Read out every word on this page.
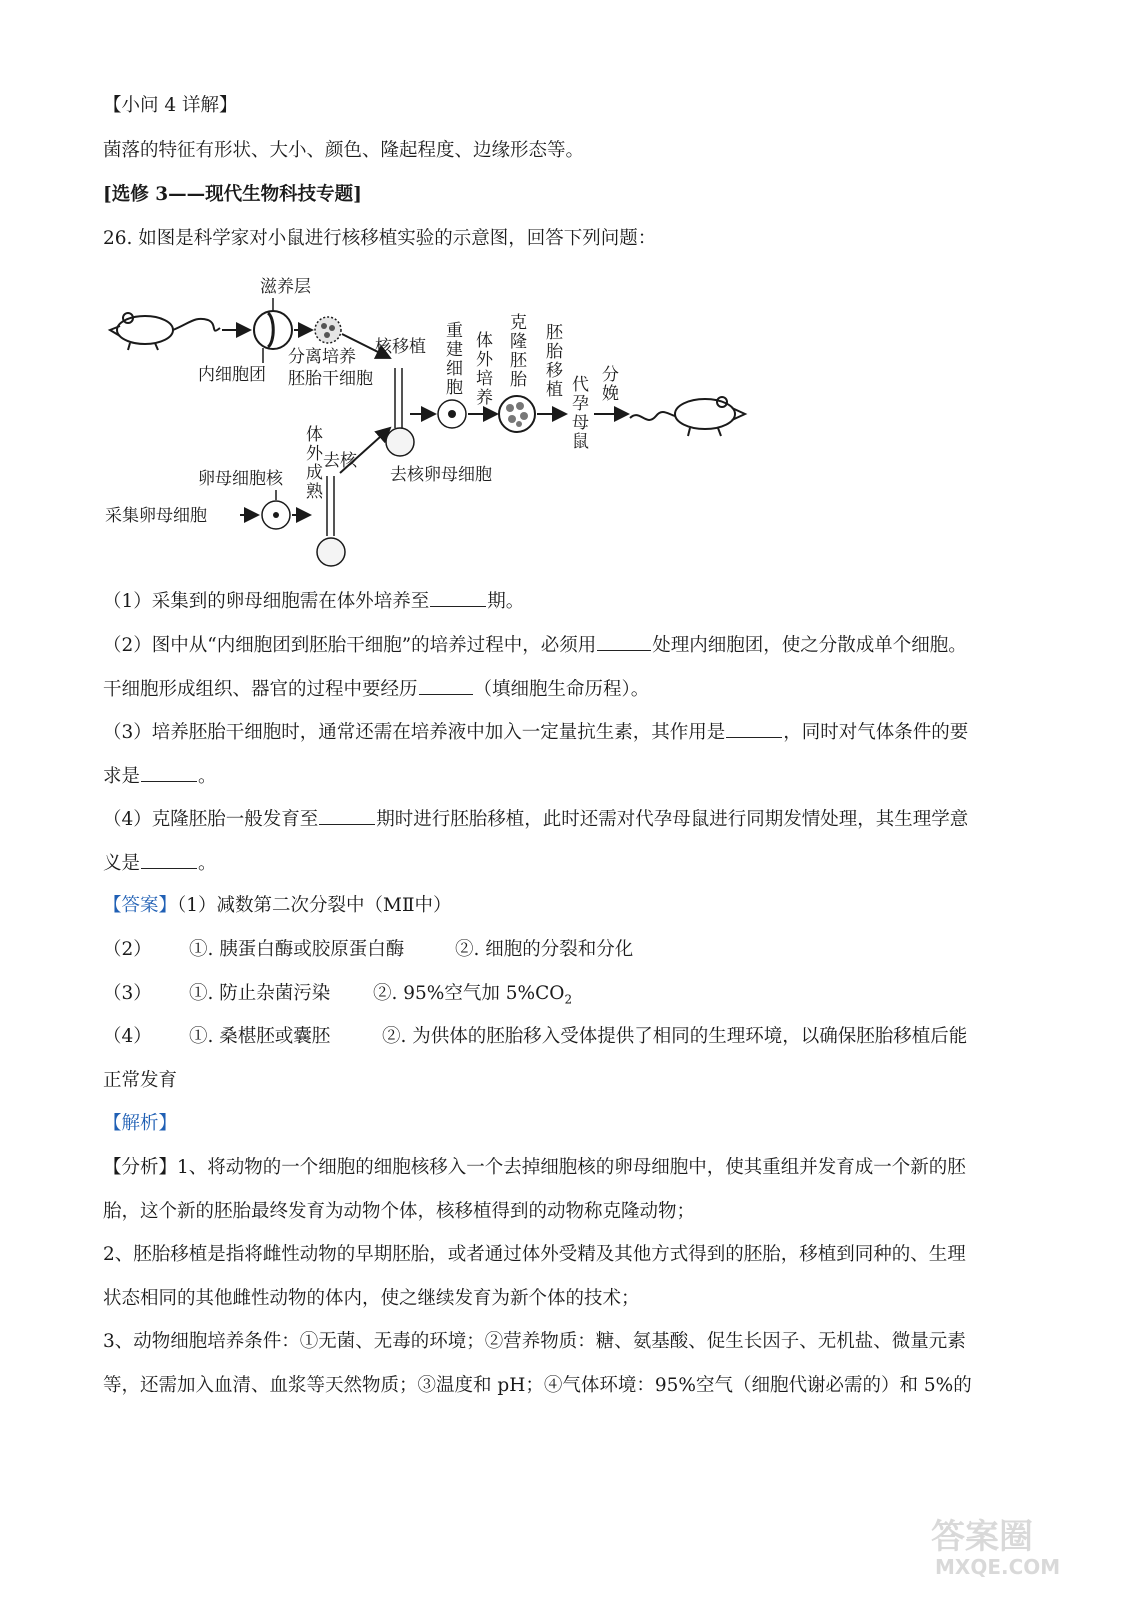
【小问 4 详解】
菌落的特征有形状、大小、颜色、隆起程度、边缘形态等。
[选修 3——现代生物科技专题]
26. 如图是科学家对小鼠进行核移植实验的示意图，回答下列问题：
滋养层
内细胞团
分离培养
胚胎干细胞
核移植
去核卵母细胞
重建细胞
体外培养
克隆胚胎
胚胎移植 代孕母鼠
分娩
采集卵母细胞
卵母细胞核
体外成熟
去核
（1）采集到的卵母细胞需在体外培养至	期。
（2）图中从“内细胞团到胚胎干细胞”的培养过程中，必须用	处理内细胞团，使之分散成单个细胞。
干细胞形成组织、器官的过程中要经历	（填细胞生命历程）。
（3）培养胚胎干细胞时，通常还需在培养液中加入一定量抗生素，其作用是	，同时对气体条件的要
求是	。
（4）克隆胚胎一般发育至	期时进行胚胎移植，此时还需对代孕母鼠进行同期发情处理，其生理学意
义是	。
【答案】（1）减数第二次分裂中（MⅡ中）
（2） ①. 胰蛋白酶或胶原蛋白酶	②. 细胞的分裂和分化
（3） ①. 防止杂菌污染 ②. 95%空气加 $5\%CO_2$
（4） ①. 桑椹胚或囊胚	②. 为供体的胚胎移入受体提供了相同的生理环境，以确保胚胎移植后能
正常发育
【解析】
【分析】1、将动物的一个细胞的细胞核移入一个去掉细胞核的卵母细胞中，使其重组并发育成一个新的胚
胎，这个新的胚胎最终发育为动物个体，核移植得到的动物称克隆动物；
2、胚胎移植是指将雌性动物的早期胚胎，或者通过体外受精及其他方式得到的胚胎，移植到同种的、生理
状态相同的其他雌性动物的体内，使之继续发育为新个体的技术；
3、动物细胞培养条件：①无菌、无毒的环境；②营养物质：糖、氨基酸、促生长因子、无机盐、微量元素
等，还需加入血清、血浆等天然物质；③温度和 pH；④气体环境：95%空气（细胞代谢必需的）和 5%的
答案圈
MXQE.COM
